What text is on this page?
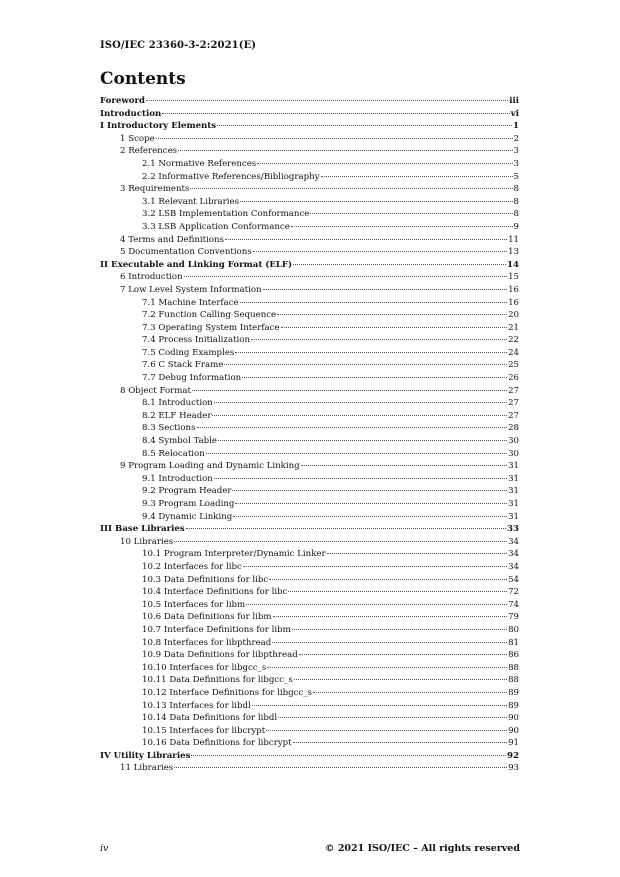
ISO/IEC 23360-3-2:2021(E)
Contents
Foreword	iii
Introduction	vi
I Introductory Elements	1
1 Scope	2
2 References	3
2.1 Normative References	3
2.2 Informative References/Bibliography	5
3 Requirements	8
3.1 Relevant Libraries	8
3.2 LSB Implementation Conformance	8
3.3 LSB Application Conformance	9
4 Terms and Definitions	11
5 Documentation Conventions	13
II Executable and Linking Format (ELF)	14
6 Introduction	15
7 Low Level System Information	16
7.1 Machine Interface	16
7.2 Function Calling Sequence	20
7.3 Operating System Interface	21
7.4 Process Initialization	22
7.5 Coding Examples	24
7.6 C Stack Frame	25
7.7 Debug Information	26
8 Object Format	27
8.1 Introduction	27
8.2 ELF Header	27
8.3 Sections	28
8.4 Symbol Table	30
8.5 Relocation	30
9 Program Loading and Dynamic Linking	31
9.1 Introduction	31
9.2 Program Header	31
9.3 Program Loading	31
9.4 Dynamic Linking	31
III Base Libraries	33
10 Libraries	34
10.1 Program Interpreter/Dynamic Linker	34
10.2 Interfaces for libc	34
10.3 Data Definitions for libc	54
10.4 Interface Definitions for libc	72
10.5 Interfaces for libm	74
10.6 Data Definitions for libm	79
10.7 Interface Definitions for libm	80
10.8 Interfaces for libpthread	81
10.9 Data Definitions for libpthread	86
10.10 Interfaces for libgcc_s	88
10.11 Data Definitions for libgcc_s	88
10.12 Interface Definitions for libgcc_s	89
10.13 Interfaces for libdl	89
10.14 Data Definitions for libdl	90
10.15 Interfaces for libcrypt	90
10.16 Data Definitions for libcrypt	91
IV Utility Libraries	92
11 Libraries	93
iv	© 2021 ISO/IEC – All rights reserved
